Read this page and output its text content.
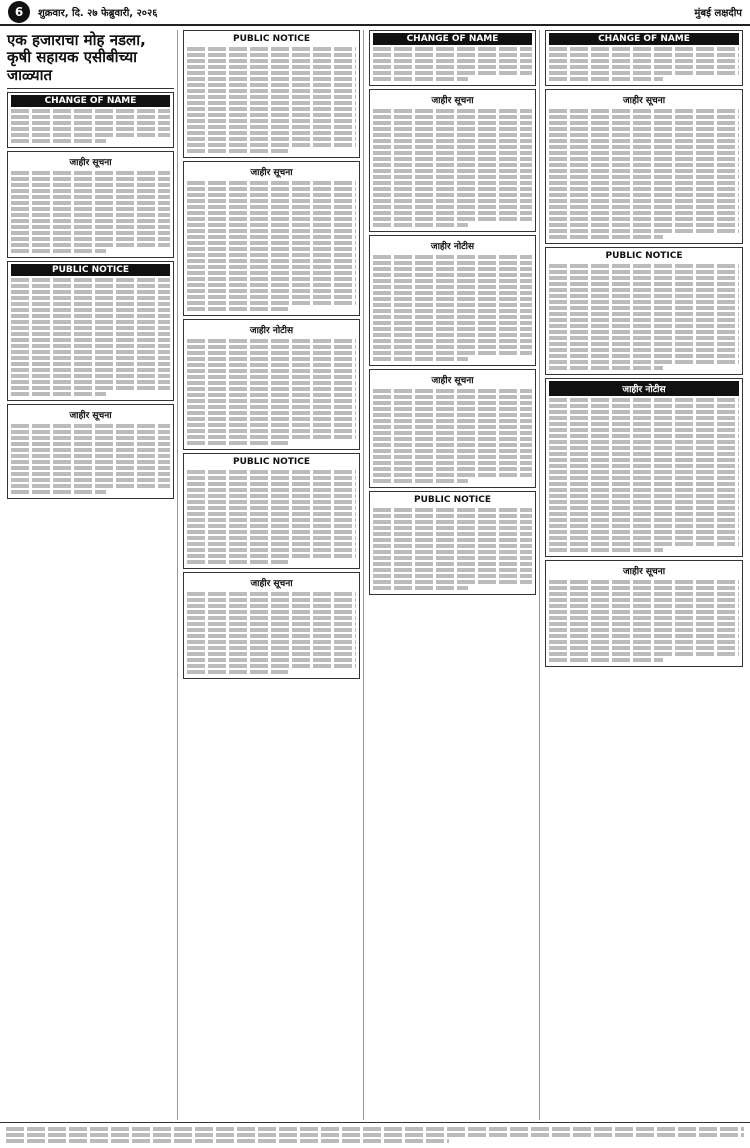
6	शुक्रवार, दि. २७ फेब्रुवारी, २०२६	मुंबई लक्षदीप
एक हजाराचा मोह नडला, कृषी सहायक एसीबीच्या जाळ्यात
CHANGE OF NAME
जाहीर सूचना
PUBLIC NOTICE
जाहीर सूचना
PUBLIC NOTICE
जाहीर सूचना
जाहीर नोटीस
PUBLIC NOTICE
जाहीर सूचना
CHANGE OF NAME
जाहीर सूचना
जाहीर नोटीस
जाहीर सूचना
PUBLIC NOTICE
CHANGE OF NAME
जाहीर सूचना
PUBLIC NOTICE
जाहीर नोटीस
जाहीर सूचना
